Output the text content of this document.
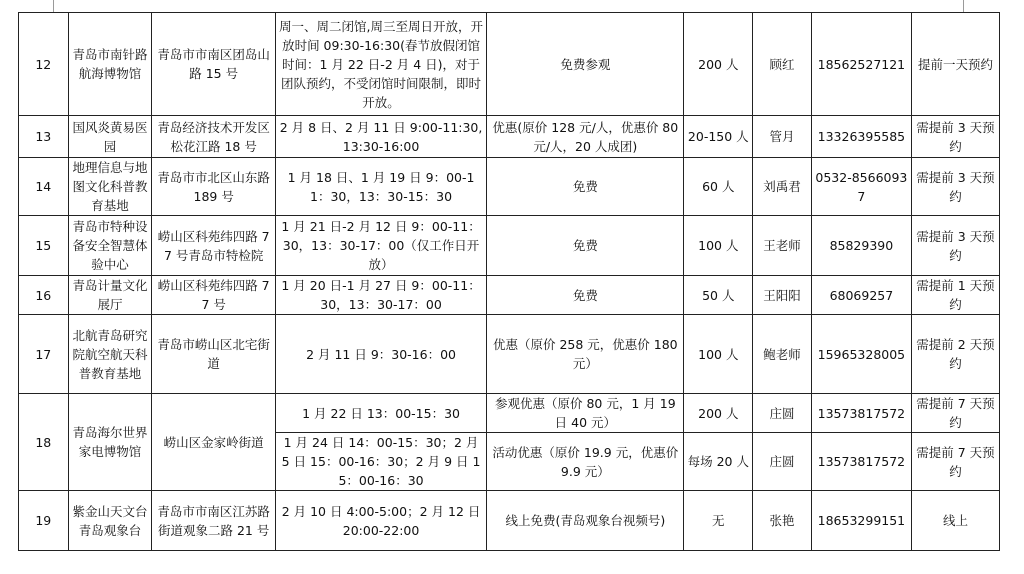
12	青岛市南针路航海博物馆	青岛市市南区团岛山路 15 号	周一、周二闭馆,周三至周日开放，开放时间 09:30-16:30(春节放假闭馆时间：1 月 22 日-2 月 4 日)，对于团队预约，不受闭馆时间限制，即时开放。	免费参观	200 人	顾红	18562527121	提前一天预约
13	国风炎黄易医园	青岛经济技术开发区松花江路 18 号	2 月 8 日、2 月 11 日 9:00-11:30,13:30-16:00	优惠(原价 128 元/人，优惠价 80 元/人，20 人成团)	20-150 人	管月	13326395585	需提前 3 天预约
14	地理信息与地图文化科普教育基地	青岛市市北区山东路 189 号	1 月 18 日、1 月 19 日 9：00-11：30，13：30-15：30	免费	60 人	刘禹君	0532-85660937	需提前 3 天预约
15	青岛市特种设备安全智慧体验中心	崂山区科苑纬四路 77 号青岛市特检院	1 月 21 日-2 月 12 日 9：00-11：30，13：30-17：00（仅工作日开放）	免费	100 人	王老师	85829390	需提前 3 天预约
16	青岛计量文化展厅	崂山区科苑纬四路 77 号	1 月 20 日-1 月 27 日 9：00-11：30，13：30-17：00	免费	50 人	王阳阳	68069257	需提前 1 天预约
17	北航青岛研究院航空航天科普教育基地	青岛市崂山区北宅街道	2 月 11 日 9：30-16：00	优惠（原价 258 元，优惠价 180 元）	100 人	鲍老师	15965328005	需提前 2 天预约
18	青岛海尔世界家电博物馆	崂山区金家岭街道	1 月 22 日 13：00-15：30	参观优惠（原价 80 元，1 月 19 日 40 元）	200 人	庄圆	13573817572	需提前 7 天预约
			1 月 24 日 14：00-15：30；2 月 5 日 15：00-16：30；2 月 9 日 15：00-16：30	活动优惠（原价 19.9 元，优惠价 9.9 元）	每场 20 人	庄圆	13573817572	需提前 7 天预约
19	紫金山天文台青岛观象台	青岛市市南区江苏路街道观象二路 21 号	2 月 10 日 4:00-5:00；2 月 12 日 20:00-22:00	线上免费(青岛观象台视频号)	无	张艳	18653299151	线上
